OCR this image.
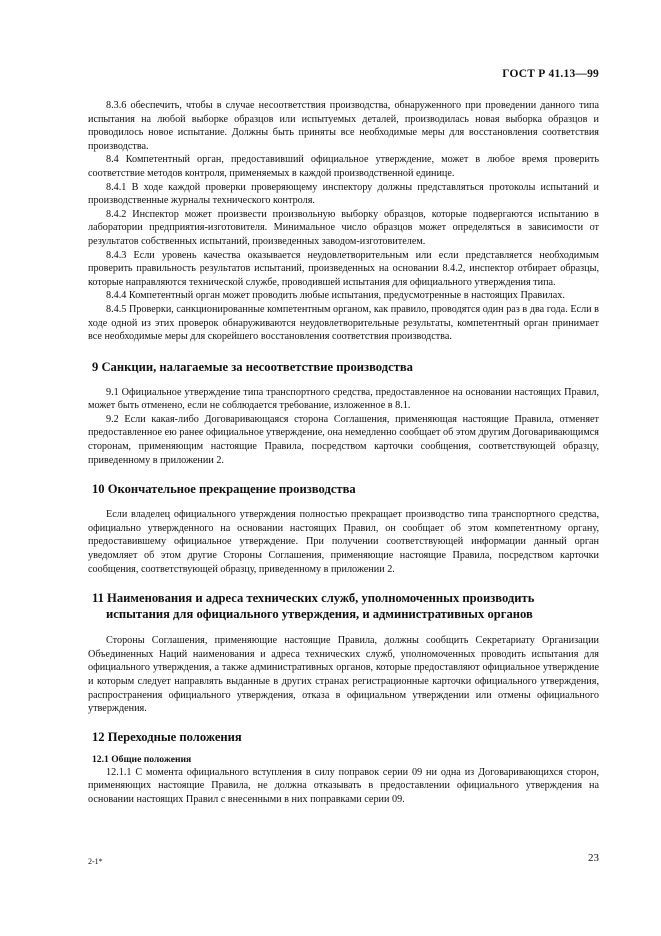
ГОСТ Р 41.13—99

8.3.6 обеспечить, чтобы в случае несоответствия производства, обнаруженного при проведении данного типа испытания на любой выборке образцов или испытуемых деталей, производилась новая выборка образцов и проводилось новое испытание. Должны быть приняты все необходимые меры для восстановления соответствия производства.

8.4 Компетентный орган, предоставивший официальное утверждение, может в любое время проверить соответствие методов контроля, применяемых в каждой производственной единице.

8.4.1 В ходе каждой проверки проверяющему инспектору должны представляться протоколы испытаний и производственные журналы технического контроля.

8.4.2 Инспектор может произвести произвольную выборку образцов, которые подвергаются испытанию в лаборатории предприятия-изготовителя. Минимальное число образцов может определяться в зависимости от результатов собственных испытаний, произведенных заводом-изготовителем.

8.4.3 Если уровень качества оказывается неудовлетворительным или если представляется необходимым проверить правильность результатов испытаний, произведенных на основании 8.4.2, инспектор отбирает образцы, которые направляются технической службе, проводившей испытания для официального утверждения типа.

8.4.4 Компетентный орган может проводить любые испытания, предусмотренные в настоящих Правилах.

8.4.5 Проверки, санкционированные компетентным органом, как правило, проводятся один раз в два года. Если в ходе одной из этих проверок обнаруживаются неудовлетворительные результаты, компетентный орган принимает все необходимые меры для скорейшего восстановления соответствия производства.

9 Санкции, налагаемые за несоответствие производства

9.1 Официальное утверждение типа транспортного средства, предоставленное на основании настоящих Правил, может быть отменено, если не соблюдается требование, изложенное в 8.1.

9.2 Если какая-либо Договаривающаяся сторона Соглашения, применяющая настоящие Правила, отменяет предоставленное ею ранее официальное утверждение, она немедленно сообщает об этом другим Договаривающимся сторонам, применяющим настоящие Правила, посредством карточки сообщения, соответствующей образцу, приведенному в приложении 2.

10 Окончательное прекращение производства

Если владелец официального утверждения полностью прекращает производство типа транспортного средства, официально утвержденного на основании настоящих Правил, он сообщает об этом компетентному органу, предоставившему официальное утверждение. При получении соответствующей информации данный орган уведомляет об этом другие Стороны Соглашения, применяющие настоящие Правила, посредством карточки сообщения, соответствующей образцу, приведенному в приложении 2.

11 Наименования и адреса технических служб, уполномоченных производить
испытания для официального утверждения, и административных органов

Стороны Соглашения, применяющие настоящие Правила, должны сообщить Секретариату Организации Объединенных Наций наименования и адреса технических служб, уполномоченных проводить испытания для официального утверждения, а также административных органов, которые предоставляют официальное утверждение и которым следует направлять выданные в других странах регистрационные карточки официального утверждения, распространения официального утверждения, отказа в официальном утверждении или отмены официального утверждения.

12 Переходные положения

12.1 Общие положения

12.1.1 С момента официального вступления в силу поправок серии 09 ни одна из Договаривающихся сторон, применяющих настоящие Правила, не должна отказывать в предоставлении официального утверждения на основании настоящих Правил с внесенными в них поправками серии 09.

2-1*	23
